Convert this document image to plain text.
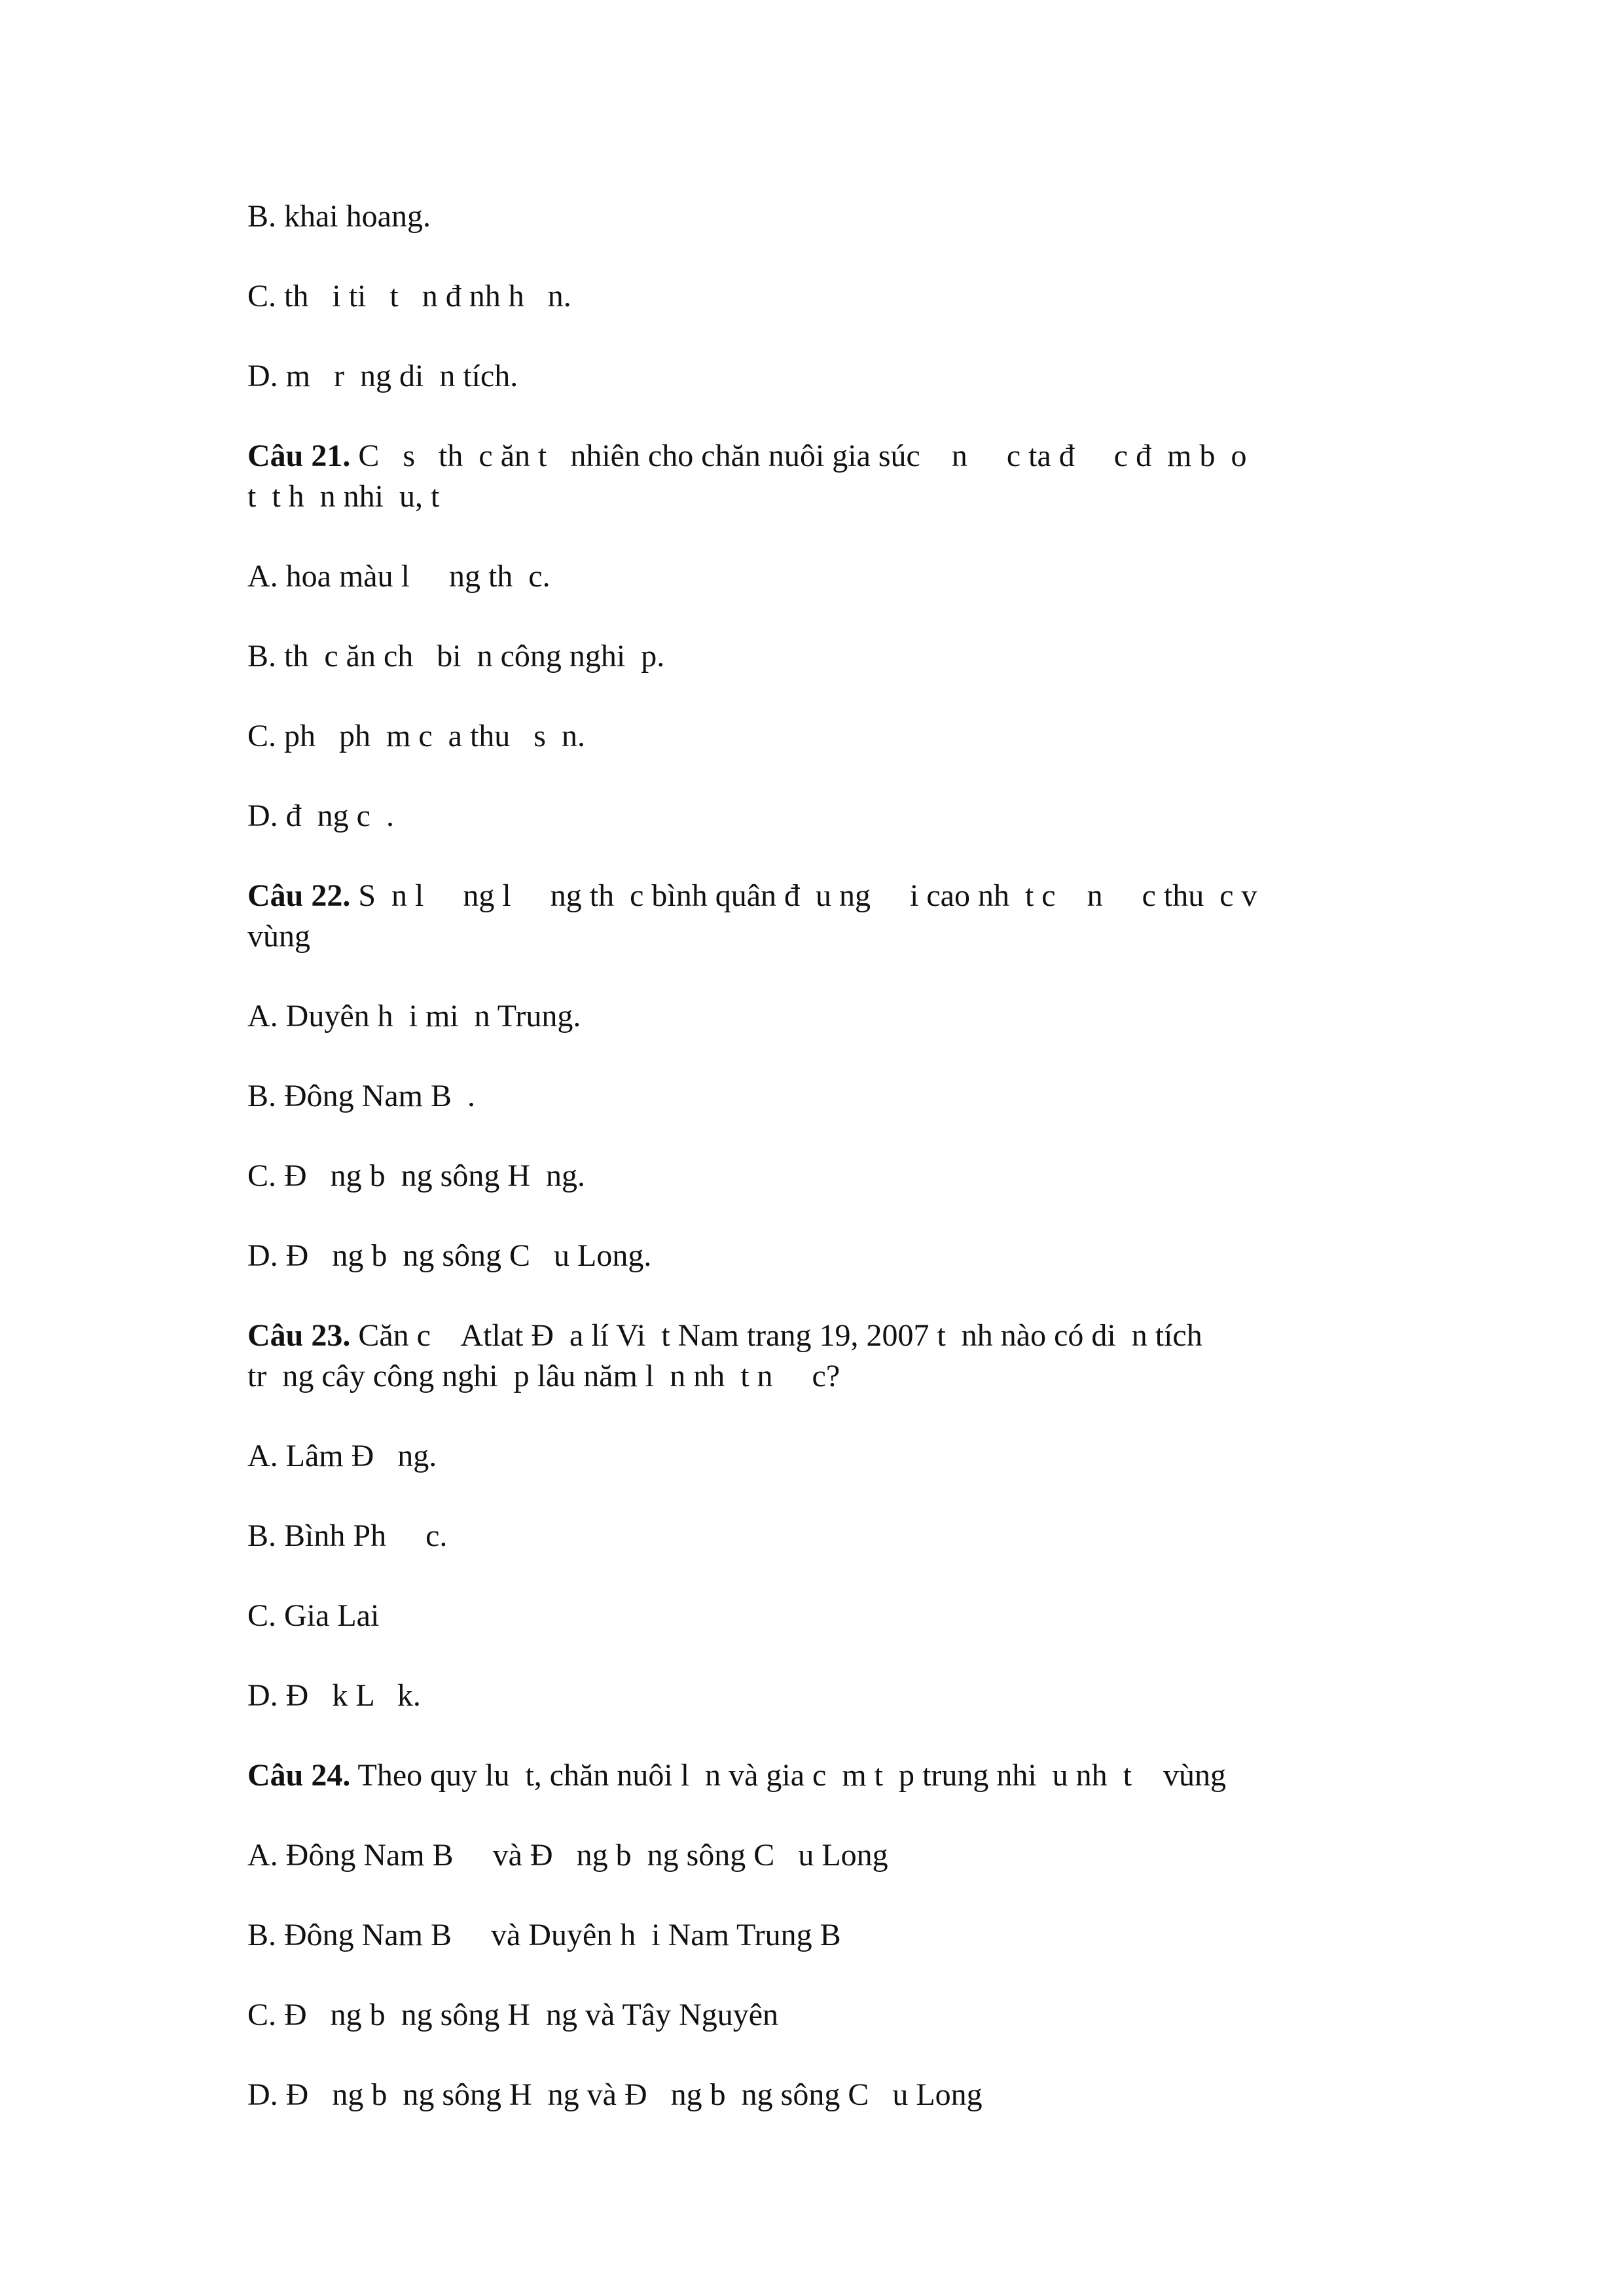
B. khai hoang.
C. th   i ti   t   n đ nh h   n.
D. m   r  ng di  n tích.
Câu 21. C   s   th  c ăn t   nhiên cho chăn nuôi gia súc    n     c ta đ     c đ  m b  o
t  t h  n nhi  u, t
A. hoa màu l     ng th  c.
B. th  c ăn ch   bi  n công nghi  p.
C. ph   ph  m c  a thu   s  n.
D. đ  ng c  .
Câu 22. S  n l     ng l     ng th  c bình quân đ  u ng     i cao nh  t c    n     c thu  c v
vùng
A. Duyên h  i mi  n Trung.
B. Đông Nam B  .
C. Đ   ng b  ng sông H  ng.
D. Đ   ng b  ng sông C   u Long.
Câu 23. Căn c    Atlat Đ  a lí Vi  t Nam trang 19, 2007 t  nh nào có di  n tích
tr  ng cây công nghi  p lâu năm l  n nh  t n     c?
A. Lâm Đ   ng.
B. Bình Ph     c.
C. Gia Lai
D. Đ   k L   k.
Câu 24. Theo quy lu  t, chăn nuôi l  n và gia c  m t  p trung nhi  u nh  t    vùng
A. Đông Nam B     và Đ   ng b  ng sông C   u Long
B. Đông Nam B     và Duyên h  i Nam Trung B
C. Đ   ng b  ng sông H  ng và Tây Nguyên
D. Đ   ng b  ng sông H  ng và Đ   ng b  ng sông C   u Long
